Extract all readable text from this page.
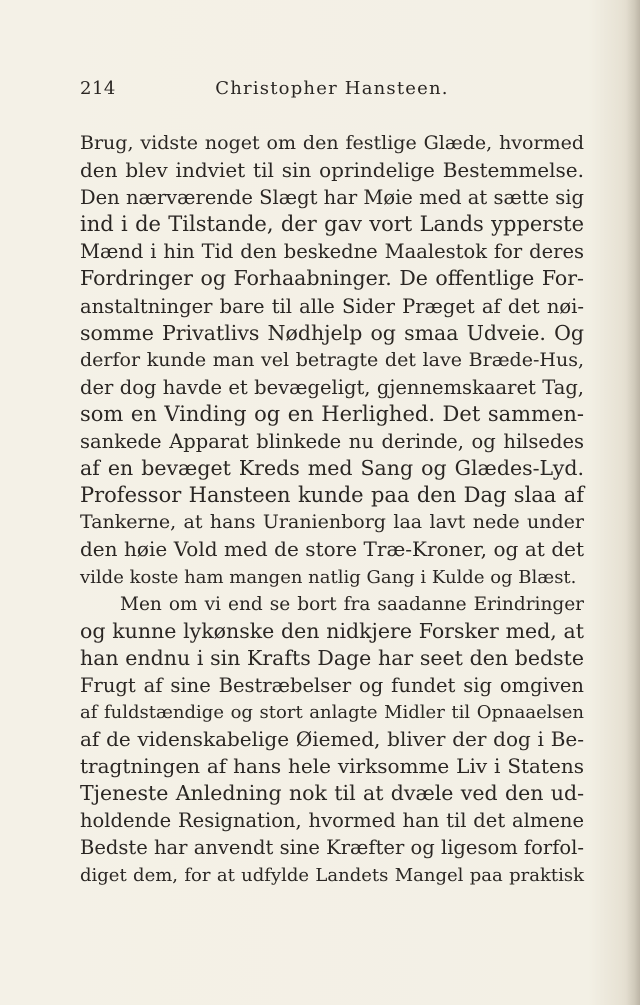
214	Christopher Hansteen.
Brug, vidste noget om den festlige Glæde, hvormed
den blev indviet til sin oprindelige Bestemmelse.
Den nærværende Slægt har Møie med at sætte sig
ind i de Tilstande, der gav vort Lands ypperste
Mænd i hin Tid den beskedne Maalestok for deres
Fordringer og Forhaabninger. De offentlige For-
anstaltninger bare til alle Sider Præget af det nøi-
somme Privatlivs Nødhjelp og smaa Udveie. Og
derfor kunde man vel betragte det lave Bræde-Hus,
der dog havde et bevægeligt, gjennemskaaret Tag,
som en Vinding og en Herlighed. Det sammen-
sankede Apparat blinkede nu derinde, og hilsedes
af en bevæget Kreds med Sang og Glædes-Lyd.
Professor Hansteen kunde paa den Dag slaa af
Tankerne, at hans Uranienborg laa lavt nede under
den høie Vold med de store Træ-Kroner, og at det
vilde koste ham mangen natlig Gang i Kulde og Blæst.
Men om vi end se bort fra saadanne Erindringer
og kunne lykønske den nidkjere Forsker med, at
han endnu i sin Krafts Dage har seet den bedste
Frugt af sine Bestræbelser og fundet sig omgiven
af fuldstændige og stort anlagte Midler til Opnaaelsen
af de videnskabelige Øiemed, bliver der dog i Be-
tragtningen af hans hele virksomme Liv i Statens
Tjeneste Anledning nok til at dvæle ved den ud-
holdende Resignation, hvormed han til det almene
Bedste har anvendt sine Kræfter og ligesom forfol-
diget dem, for at udfylde Landets Mangel paa praktisk
